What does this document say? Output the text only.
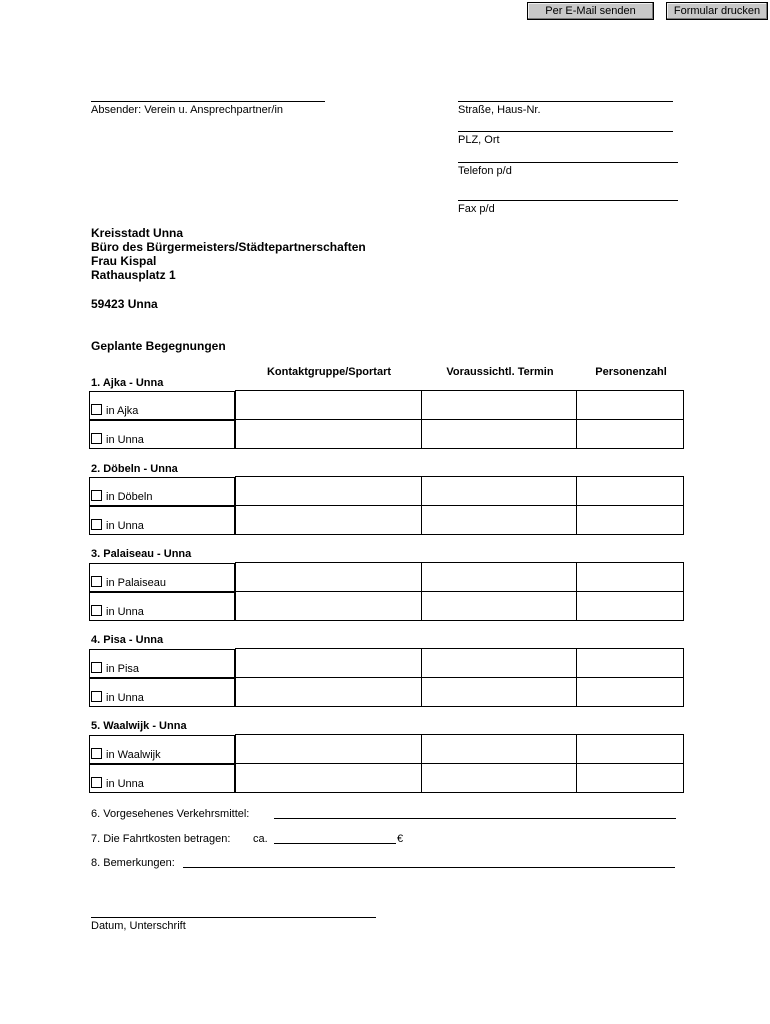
Per E-Mail senden	Formular drucken
Absender: Verein u. Ansprechpartner/in	Straße, Haus-Nr.
PLZ, Ort
Telefon p/d
Fax p/d
Kreisstadt Unna
Büro des Bürgermeisters/Städtepartnerschaften
Frau Kispal
Rathausplatz 1
59423 Unna
Geplante Begegnungen
Kontaktgruppe/Sportart	Voraussichtl. Termin	Personenzahl
1. Ajka - Unna
in Ajka

in Unna

2. Döbeln - Unna
in Döbeln

in Unna

3. Palaiseau - Unna
in Palaiseau

in Unna

4. Pisa - Unna
in Pisa

in Unna

5. Waalwijk - Unna
in Waalwijk

in Unna

6. Vorgesehenes Verkehrsmittel:
7. Die Fahrtkosten betragen: ca.	€
8. Bemerkungen:
Datum, Unterschrift
